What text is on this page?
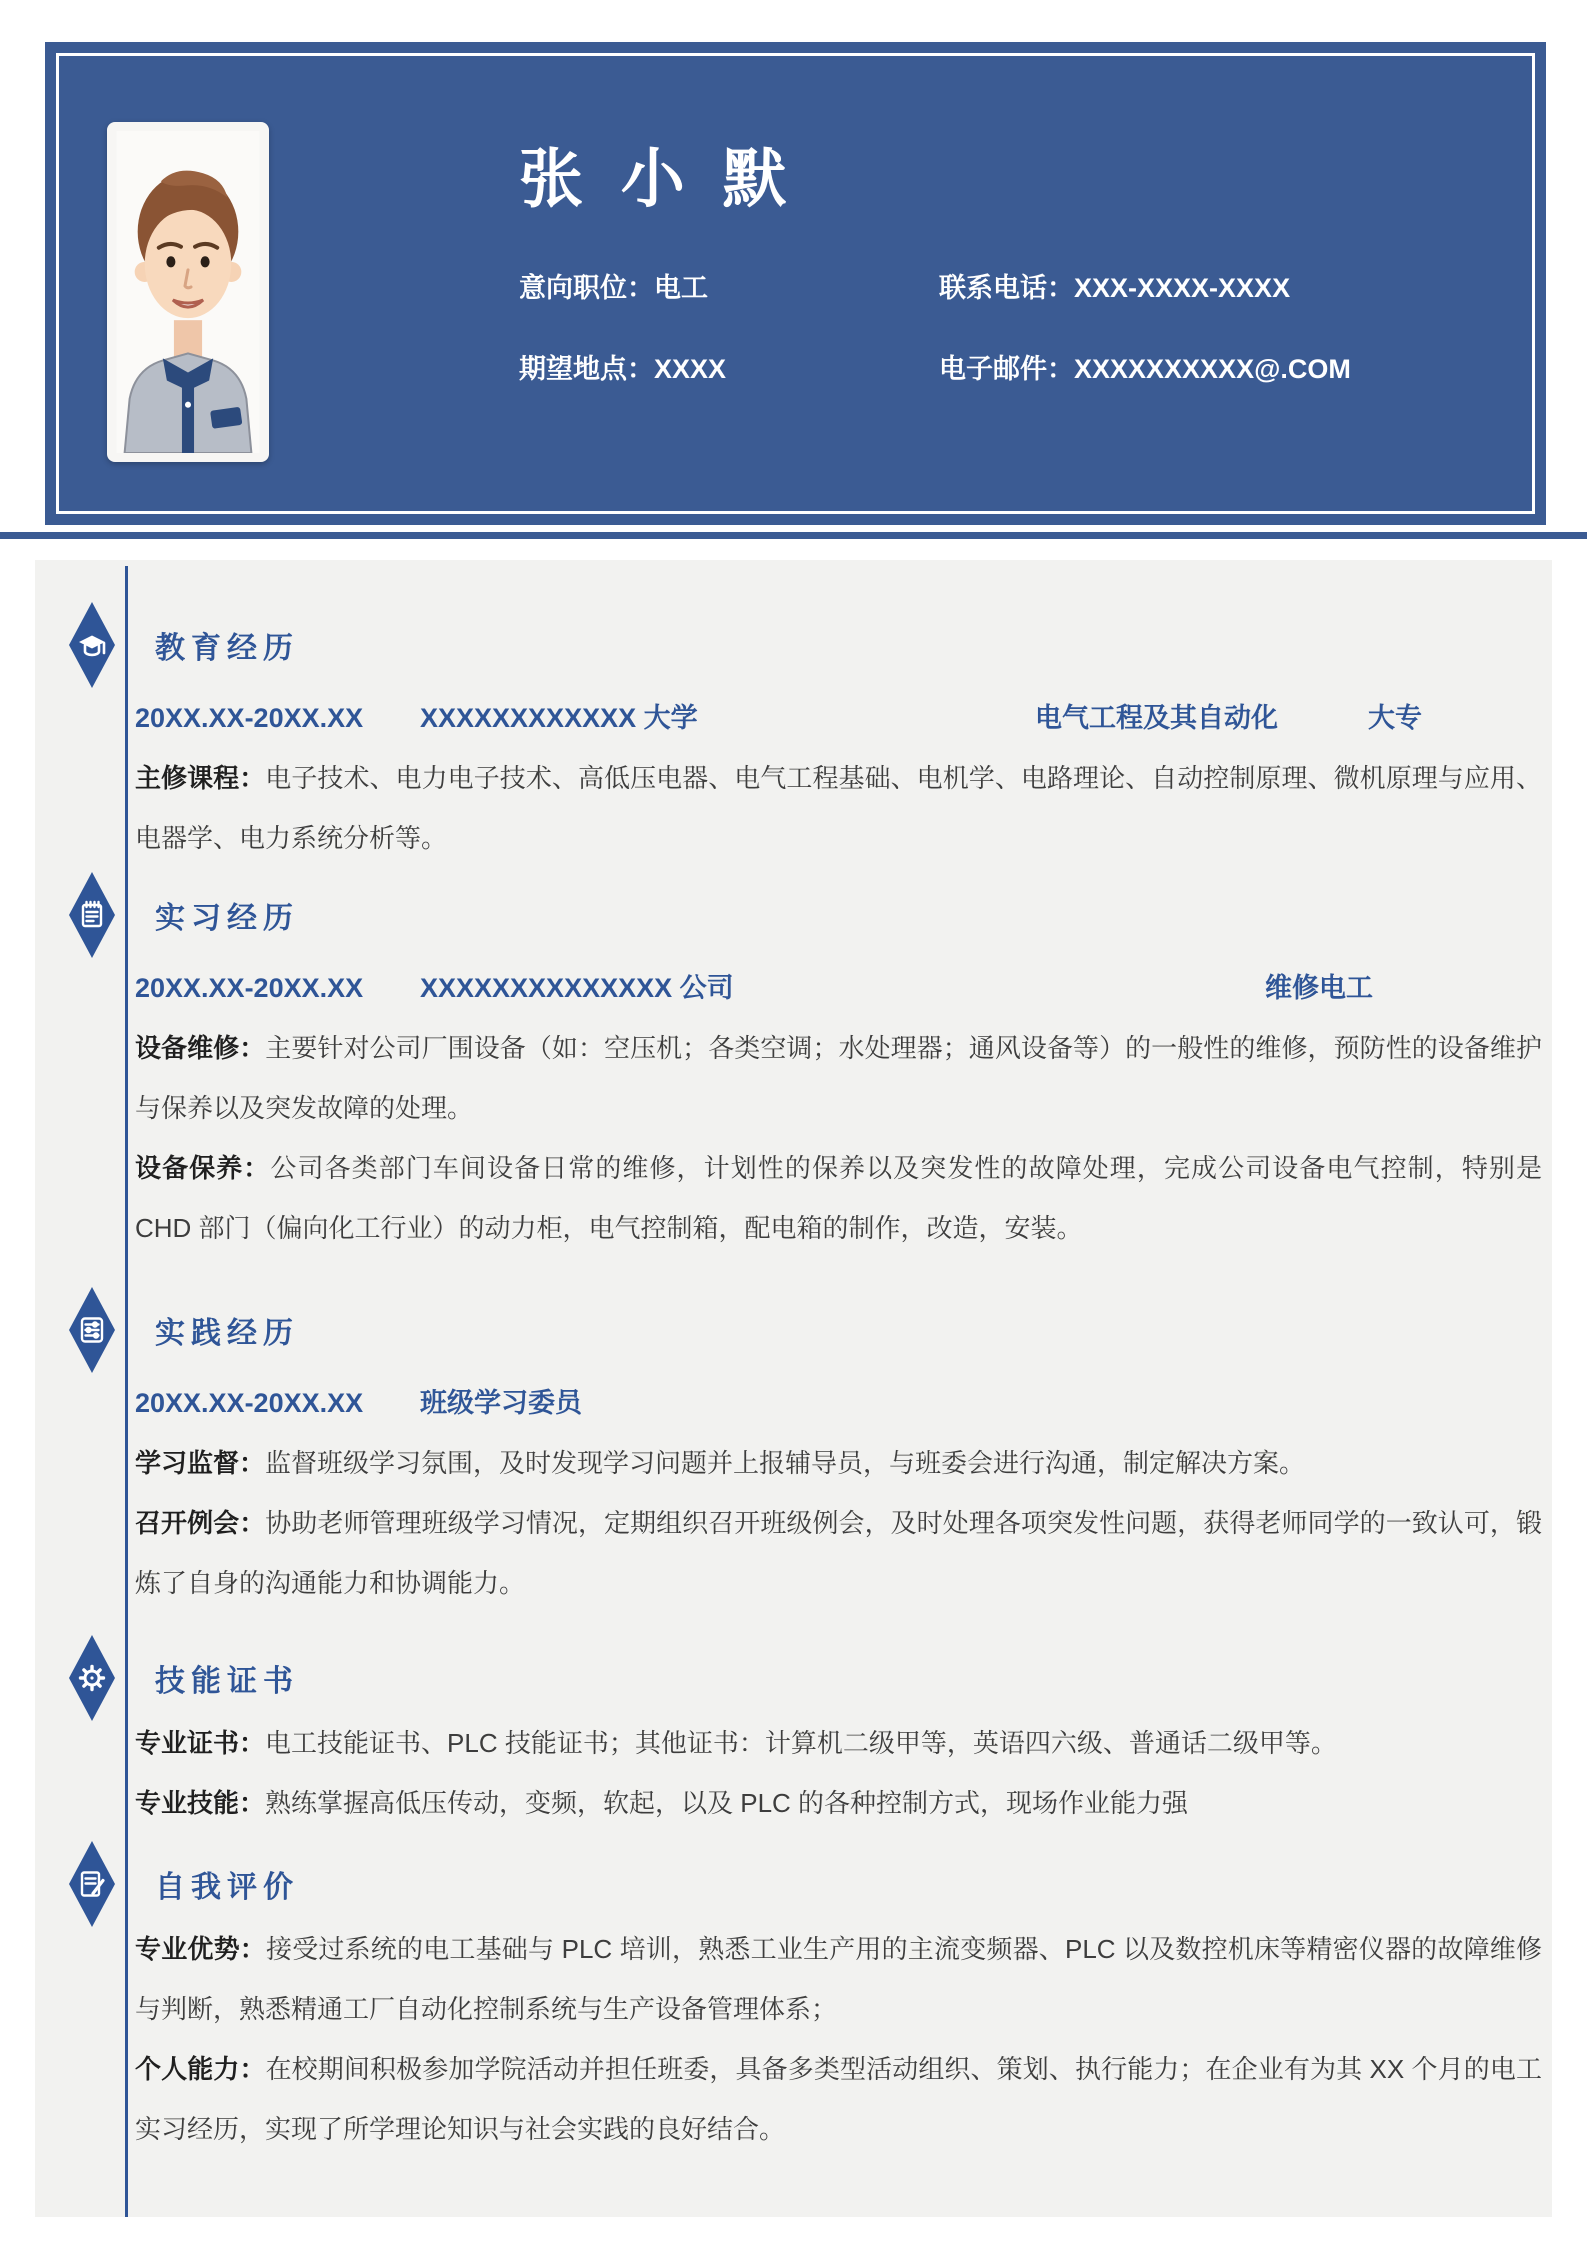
张 小 默
意向职位：电工	联系电话：XXX-XXXX-XXXX
期望地点：XXXX	电子邮件：XXXXXXXXXX@.COM
教育经历
20XX.XX-20XX.XX	XXXXXXXXXXXX 大学	电气工程及其自动化	大专

主修课程：电子技术、电力电子技术、高低压电器、电气工程基础、电机学、电路理论、自动控制原理、微机原理与应用、电器学、电力系统分析等。

实习经历
20XX.XX-20XX.XX	XXXXXXXXXXXXXX 公司	维修电工

设备维修：主要针对公司厂围设备（如：空压机；各类空调；水处理器；通风设备等）的一般性的维修，预防性的设备维护与保养以及突发故障的处理。

设备保养：公司各类部门车间设备日常的维修，计划性的保养以及突发性的故障处理，完成公司设备电气控制，特别是 CHD 部门（偏向化工行业）的动力柜，电气控制箱，配电箱的制作，改造，安装。

实践经历
20XX.XX-20XX.XX	班级学习委员

学习监督：监督班级学习氛围，及时发现学习问题并上报辅导员，与班委会进行沟通，制定解决方案。

召开例会：协助老师管理班级学习情况，定期组织召开班级例会，及时处理各项突发性问题，获得老师同学的一致认可，锻炼了自身的沟通能力和协调能力。

技能证书

专业证书：电工技能证书、PLC 技能证书；其他证书：计算机二级甲等，英语四六级、普通话二级甲等。

专业技能：熟练掌握高低压传动，变频，软起，以及 PLC 的各种控制方式，现场作业能力强

自我评价

专业优势：接受过系统的电工基础与 PLC 培训，熟悉工业生产用的主流变频器、PLC 以及数控机床等精密仪器的故障维修与判断，熟悉精通工厂自动化控制系统与生产设备管理体系；

个人能力：在校期间积极参加学院活动并担任班委，具备多类型活动组织、策划、执行能力；在企业有为其 XX 个月的电工实习经历，实现了所学理论知识与社会实践的良好结合。
